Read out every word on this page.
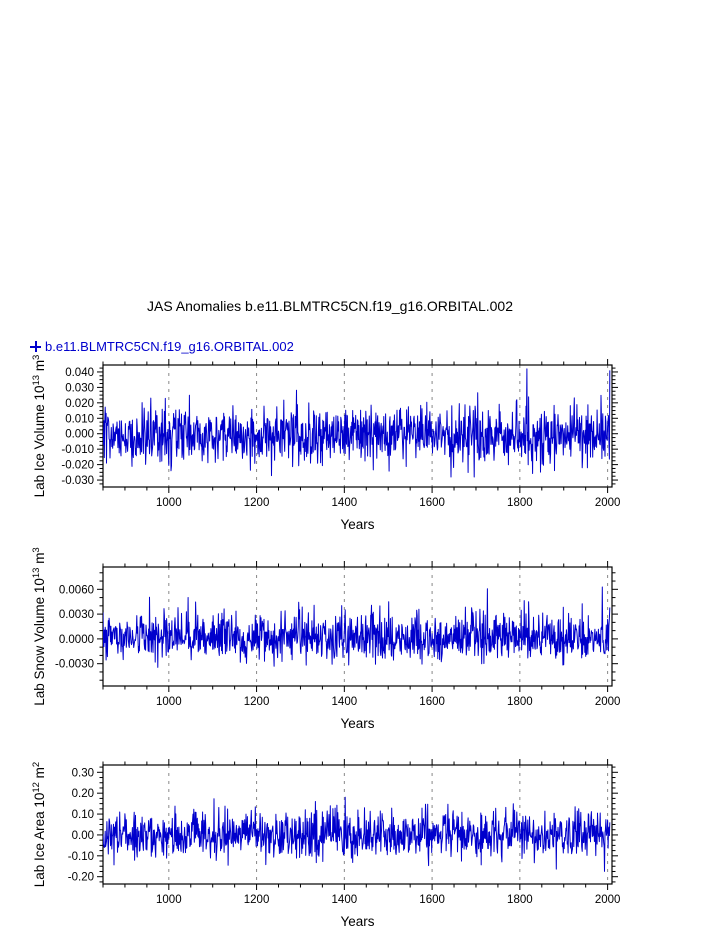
JAS Anomalies b.e11.BLMTRC5CN.f19_g16.ORBITAL.002
b.e11.BLMTRC5CN.f19_g16.ORBITAL.002
1000	1200	1400	1600	1800	2000
0.040
0.030
0.020
0.010
0.000
-0.010
-0.020
-0.030
Years
Lab Ice Volume $10^{13}$ $m^3$
1000	1200	1400	1600	1800	2000
0.0060
0.0030
0.0000
-0.0030
Years
Lab Snow Volume $10^{13}$ $m^3$
1000	1200	1400	1600	1800	2000
0.30
0.20
0.10
0.00
-0.10
-0.20
Years
Lab Ice Area $10^{12}$ $m^2$
